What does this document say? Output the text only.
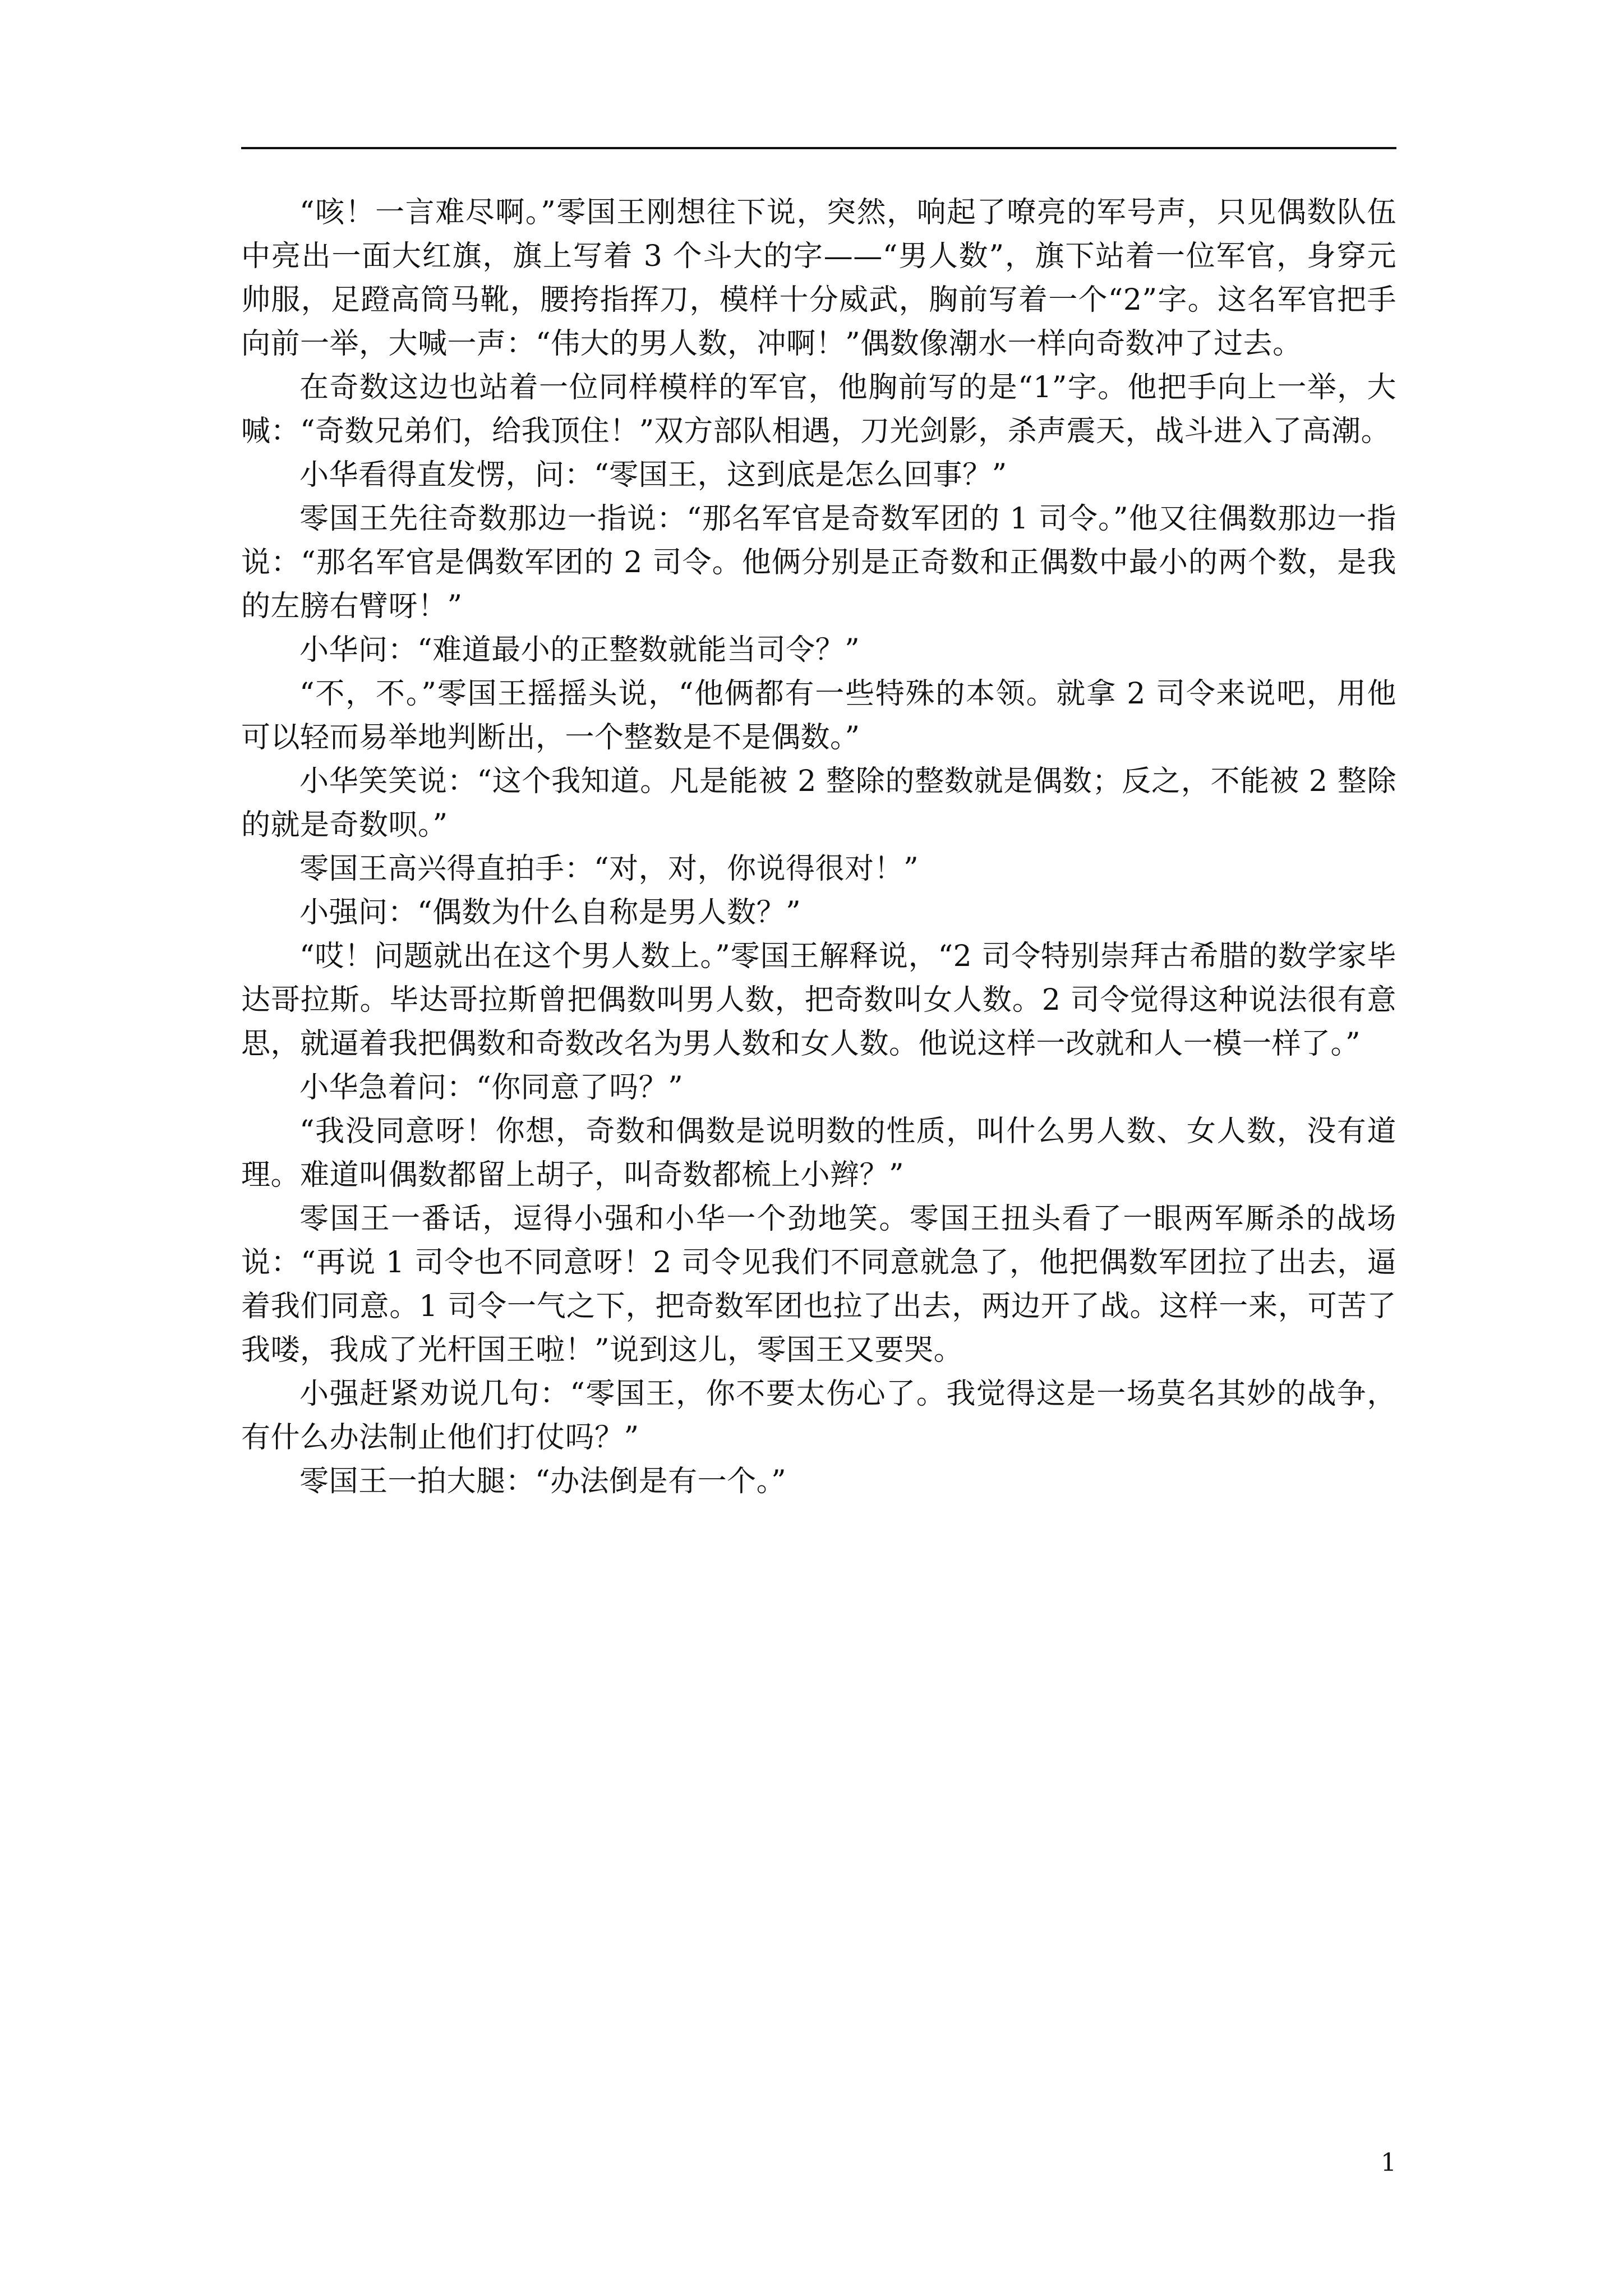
“咳！一言难尽啊。”零国王刚想往下说，突然，响起了嘹亮的军号声，只见偶数队伍中亮出一面大红旗，旗上写着 3 个斗大的字——“男人数”，旗下站着一位军官，身穿元帅服，足蹬高筒马靴，腰挎指挥刀，模样十分威武，胸前写着一个“2”字。这名军官把手向前一举，大喊一声：“伟大的男人数，冲啊！”偶数像潮水一样向奇数冲了过去。

在奇数这边也站着一位同样模样的军官，他胸前写的是“1”字。他把手向上一举，大喊：“奇数兄弟们，给我顶住！”双方部队相遇，刀光剑影，杀声震天，战斗进入了高潮。

小华看得直发愣，问：“零国王，这到底是怎么回事？”

零国王先往奇数那边一指说：“那名军官是奇数军团的 1 司令。”他又往偶数那边一指说：“那名军官是偶数军团的 2 司令。他俩分别是正奇数和正偶数中最小的两个数，是我的左膀右臂呀！”

小华问：“难道最小的正整数就能当司令？”

“不，不。”零国王摇摇头说，“他俩都有一些特殊的本领。就拿 2 司令来说吧，用他可以轻而易举地判断出，一个整数是不是偶数。”

小华笑笑说：“这个我知道。凡是能被 2 整除的整数就是偶数；反之，不能被 2 整除的就是奇数呗。”

零国王高兴得直拍手：“对，对，你说得很对！”

小强问：“偶数为什么自称是男人数？”

“哎！问题就出在这个男人数上。”零国王解释说，“2 司令特别崇拜古希腊的数学家毕达哥拉斯。毕达哥拉斯曾把偶数叫男人数，把奇数叫女人数。2 司令觉得这种说法很有意思，就逼着我把偶数和奇数改名为男人数和女人数。他说这样一改就和人一模一样了。”

小华急着问：“你同意了吗？”

“我没同意呀！你想，奇数和偶数是说明数的性质，叫什么男人数、女人数，没有道理。难道叫偶数都留上胡子，叫奇数都梳上小辫？”

零国王一番话，逗得小强和小华一个劲地笑。零国王扭头看了一眼两军厮杀的战场说：“再说 1 司令也不同意呀！2 司令见我们不同意就急了，他把偶数军团拉了出去，逼着我们同意。1 司令一气之下，把奇数军团也拉了出去，两边开了战。这样一来，可苦了我喽，我成了光杆国王啦！”说到这儿，零国王又要哭。

小强赶紧劝说几句：“零国王，你不要太伤心了。我觉得这是一场莫名其妙的战争，有什么办法制止他们打仗吗？”

零国王一拍大腿：“办法倒是有一个。”

1
